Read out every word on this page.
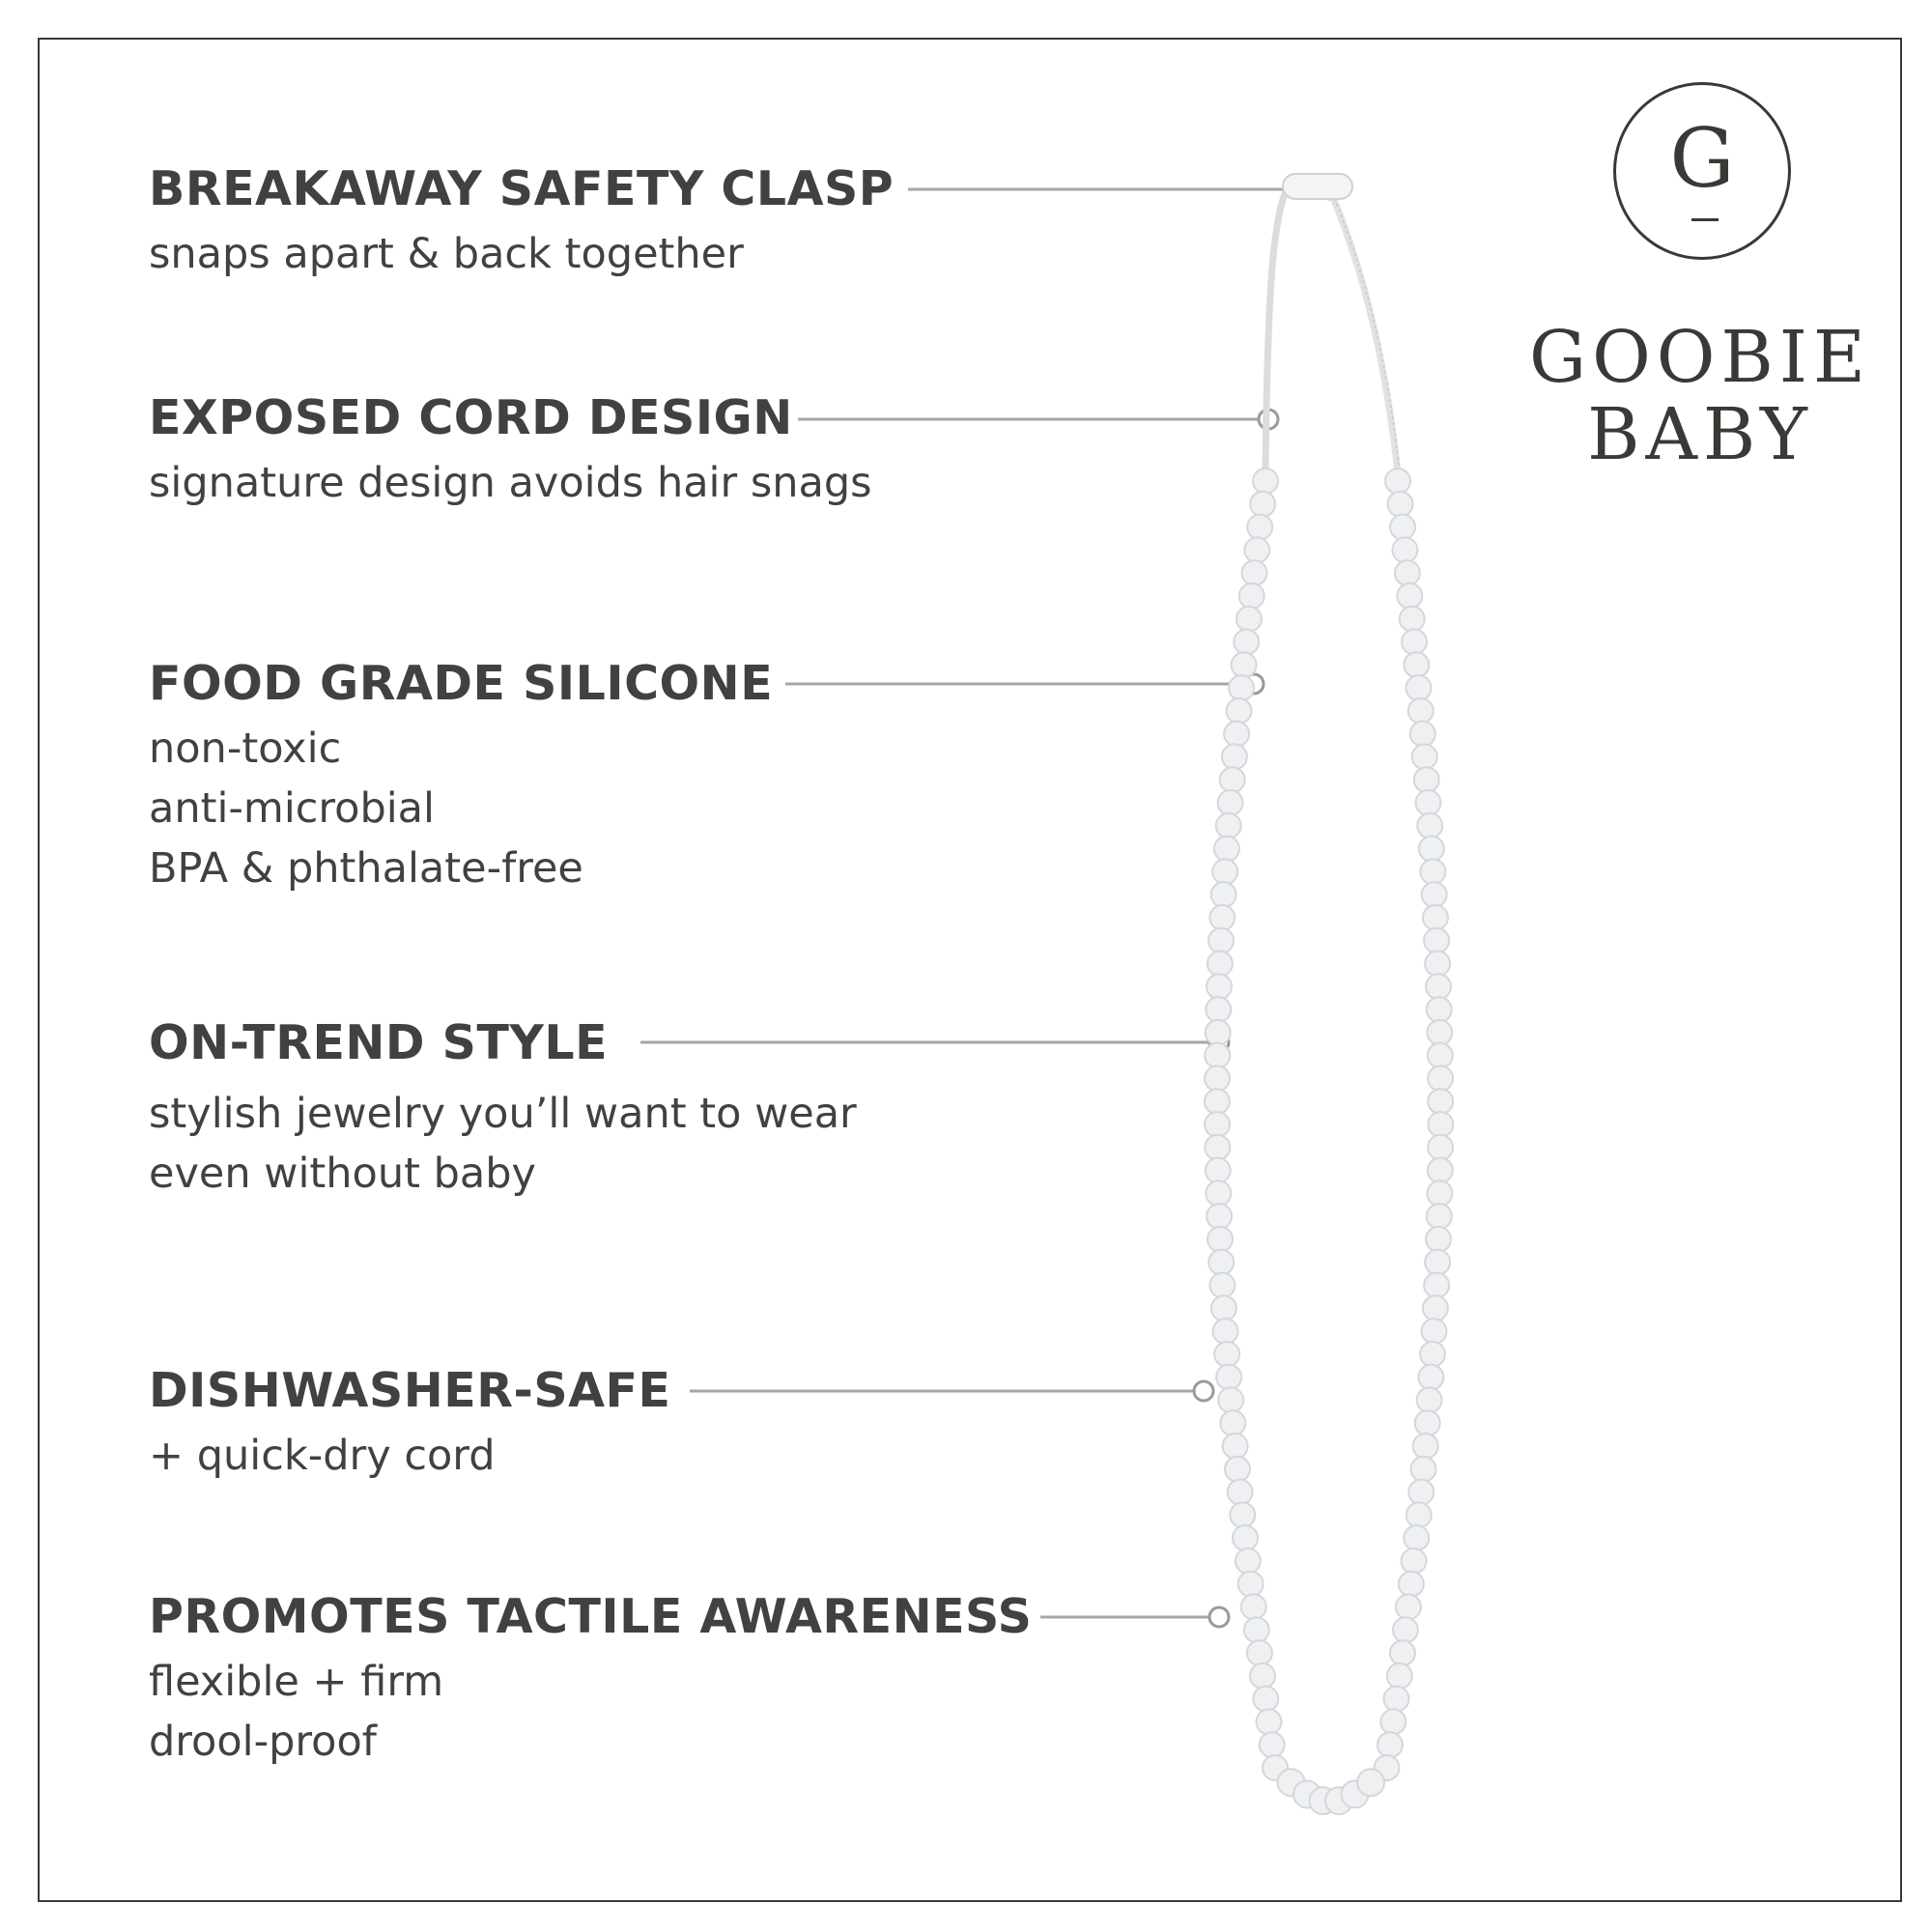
BREAKAWAY SAFETY CLASP

snaps apart & back together

EXPOSED CORD DESIGN

signature design avoids hair snags

FOOD GRADE SILICONE

non-toxic

anti-microbial

BPA & phthalate-free

ON-TREND STYLE

stylish jewelry you’ll want to wear

even without baby

DISHWASHER-SAFE

+ quick-dry cord

PROMOTES TACTILE AWARENESS

flexible + firm

drool-proof

G
GOOBIE
BABY
